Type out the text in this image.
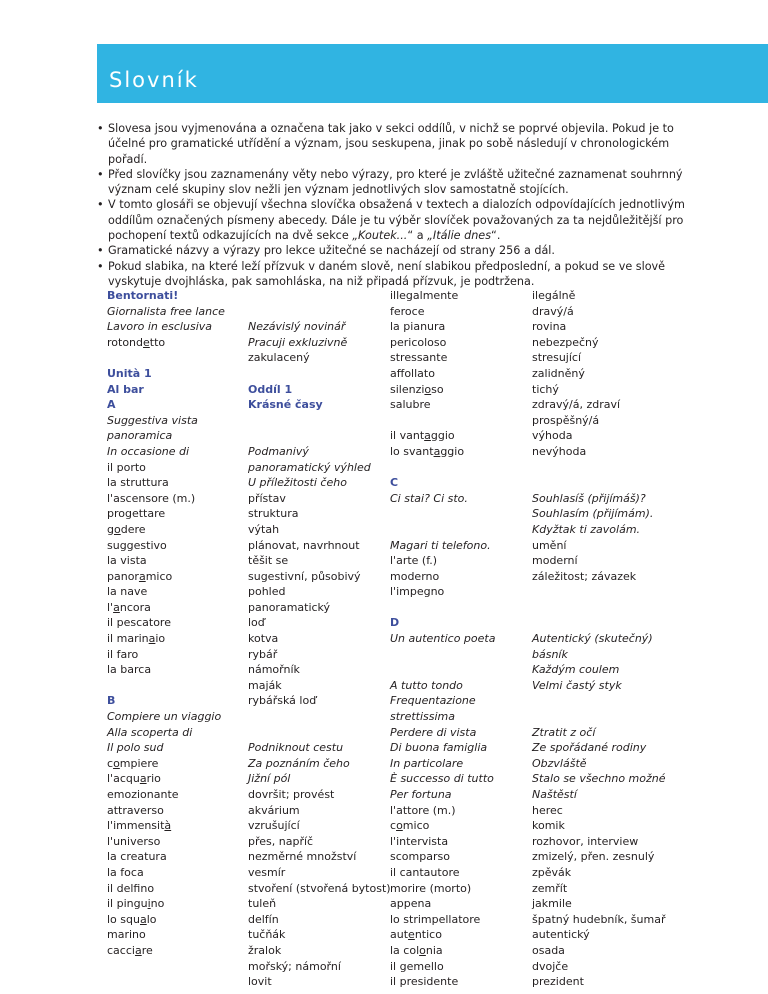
Slovník
• Slovesa jsou vyjmenována a označena tak jako v sekci oddílů, v nichž se poprvé objevila. Pokud je to účelné pro gramatické utřídění a význam, jsou seskupena, jinak po sobě následují v chronologickém pořadí.
• Před slovíčky jsou zaznamenány věty nebo výrazy, pro které je zvláště užitečné zaznamenat souhrnný význam celé skupiny slov nežli jen význam jednotlivých slov samostatně stojících.
• V tomto glosáři se objevují všechna slovíčka obsažená v textech a dialozích odpovídajících jednotlivým oddílům označených písmeny abecedy. Dále je tu výběr slovíček považovaných za ta nejdůležitější pro pochopení textů odkazujících na dvě sekce „Koutek...“ a „Itálie dnes“.
• Gramatické názvy a výrazy pro lekce užitečné se nacházejí od strany 256 a dál.
• Pokud slabika, na které leží přízvuk v daném slově, není slabikou předposlední, a pokud se ve slově vyskytuje dvojhláska, pak samohláska, na niž připadá přízvuk, je podtržena.
Bentornati!
Giornalista free lance
Lavoro in esclusiva
rotondetto
Unità 1
Al bar
A
Suggestiva vista
panoramica
In occasione di
il porto
la struttura
l'ascensore (m.)
progettare
godere
suggestivo
la vista
panoramico
la nave
l'ancora
il pescatore
il marinaio
il faro
la barca
B
Compiere un viaggio
Alla scoperta di
Il polo sud
compiere
l'acquario
emozionante
attraverso
l'immensità
l'universo
la creatura
la foca
il delfino
il pinguino
lo squalo
marino
cacciare
Nezávislý novinář
Pracuji exkluzivně
zakulacený
Oddíl 1
Krásné časy
Podmanivý
panoramatický výhled
U příležitosti čeho
přístav
struktura
výtah
plánovat, navrhnout
těšit se
sugestivní, působivý
pohled
panoramatický
loď
kotva
rybář
námořník
maják
rybářská loď
Podniknout cestu
Za poznáním čeho
Jižní pól
dovršit; provést
akvárium
vzrušující
přes, napříč
nezměrné množství
vesmír
stvoření (stvořená bytost)
tuleň
delfín
tučňák
žralok
mořský; námořní
lovit
illegalmente
feroce
la pianura
pericoloso
stressante
affollato
silenzioso
salubre
il vantaggio
lo svantaggio
C
Ci stai? Ci sto.
Magari ti telefono.
l'arte (f.)
moderno
l'impegno
D
Un autentico poeta
A tutto tondo
Frequentazione
strettissima
Perdere di vista
Di buona famiglia
In particolare
È successo di tutto
Per fortuna
l'attore (m.)
comico
l'intervista
scomparso
il cantautore
morire (morto)
appena
lo strimpellatore
autentico
la colonia
il gemello
il presidente
ilegálně
dravý/á
rovina
nebezpečný
stresující
zalidněný
tichý
zdravý/á, zdraví
prospěšný/á
výhoda
nevýhoda
Souhlasíš (přijímáš)?
Souhlasím (přijímám).
Kdyžtak ti zavolám.
umění
moderní
záležitost; závazek
Autentický (skutečný)
básník
Každým coulem
Velmi častý styk
Ztratit z očí
Ze spořádané rodiny
Obzvláště
Stalo se všechno možné
Naštěstí
herec
komik
rozhovor, interview
zmizelý, přen. zesnulý
zpěvák
zemřít
jakmile
špatný hudebník, šumař
autentický
osada
dvojče
prezident
